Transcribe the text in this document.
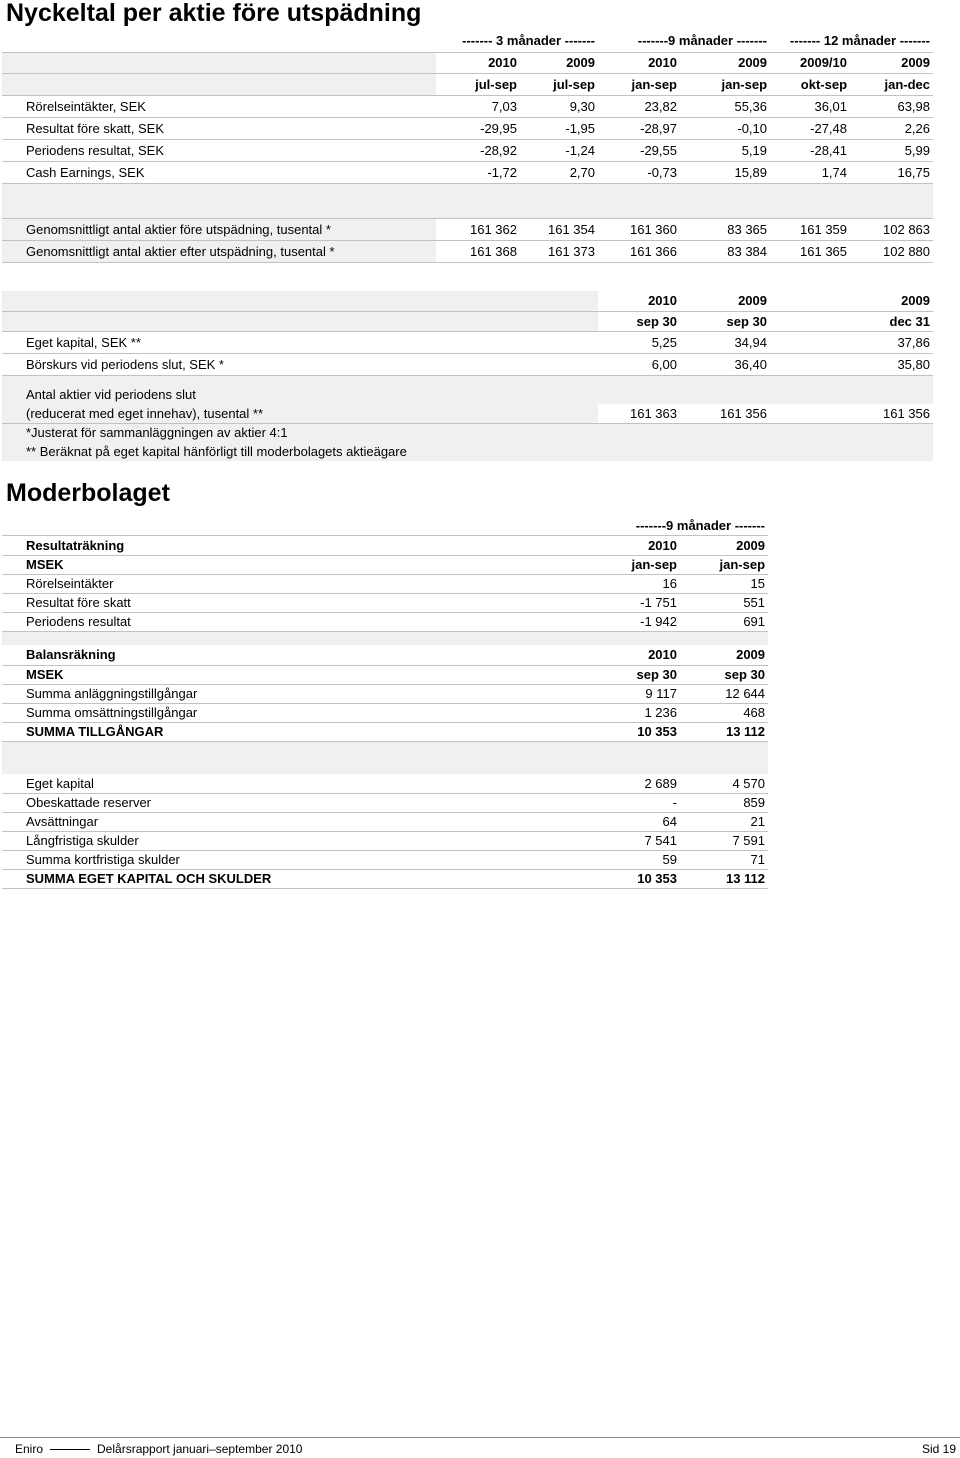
Nyckeltal per aktie före utspädning
	------- 3 månader -------		-------9 månader -------		------- 12 månader -------	
	2010	2009	2010	2009	2009/10	2009
	jul-sep	jul-sep	jan-sep	jan-sep	okt-sep	jan-dec
Rörelseintäkter, SEK	7,03	9,30	23,82	55,36	36,01	63,98
Resultat före skatt, SEK	-29,95	-1,95	-28,97	-0,10	-27,48	2,26
Periodens resultat, SEK	-28,92	-1,24	-29,55	5,19	-28,41	5,99
Cash Earnings, SEK	-1,72	2,70	-0,73	15,89	1,74	16,75

Genomsnittligt antal aktier före utspädning, tusental *	161 362	161 354	161 360	83 365	161 359	102 863
Genomsnittligt antal aktier efter utspädning, tusental *	161 368	161 373	161 366	83 384	161 365	102 880
	2010	2009	2009
	sep 30	sep 30	dec 31
Eget kapital, SEK **	5,25	34,94	37,86
Börskurs vid periodens slut, SEK *	6,00	36,40	35,80

Antal aktier vid periodens slut			
(reducerat med eget innehav), tusental **	161 363	161 356	161 356
*Justerat för sammanläggningen av aktier 4:1			
** Beräknat på eget kapital hänförligt till moderbolagets aktieägare			
Moderbolaget
	-------9 månader -------	
Resultaträkning	2010	2009
MSEK	jan-sep	jan-sep
Rörelseintäkter	16	15
Resultat före skatt	-1 751	551
Periodens resultat	-1 942	691

Balansräkning	2010	2009
MSEK	sep 30	sep 30
Summa anläggningstillgångar	9 117	12 644
Summa omsättningstillgångar	1 236	468
SUMMA TILLGÅNGAR	10 353	13 112

Eget kapital	2 689	4 570
Obeskattade reserver	-	859
Avsättningar	64	21
Långfristiga skulder	7 541	7 591
Summa kortfristiga skulder	59	71
SUMMA EGET KAPITAL OCH SKULDER	10 353	13 112
Eniro	Delårsrapport januari–september 2010	Sid 19
